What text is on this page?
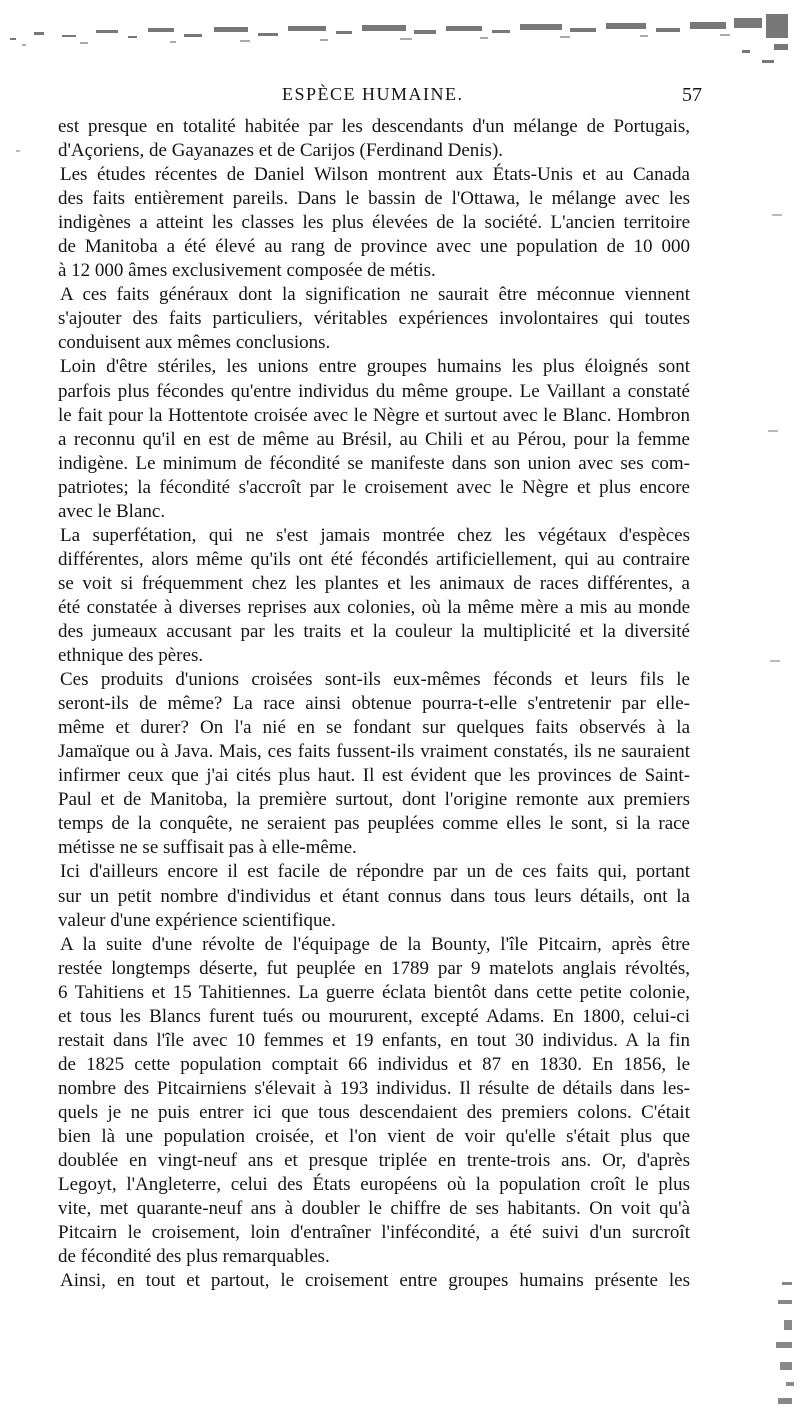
ESPÈCE HUMAINE.	57
est presque en totalité habitée par les descendants d'un mélange de Portugais,
d'Açoriens, de Gayanazes et de Carijos (Ferdinand Denis).
Les études récentes de Daniel Wilson montrent aux États-Unis et au Canada
des faits entièrement pareils. Dans le bassin de l'Ottawa, le mélange avec les
indigènes a atteint les classes les plus élevées de la société. L'ancien territoire
de Manitoba a été élevé au rang de province avec une population de 10 000
à 12 000 âmes exclusivement composée de métis.
A ces faits généraux dont la signification ne saurait être méconnue viennent
s'ajouter des faits particuliers, véritables expériences involontaires qui toutes
conduisent aux mêmes conclusions.
Loin d'être stériles, les unions entre groupes humains les plus éloignés sont
parfois plus fécondes qu'entre individus du même groupe. Le Vaillant a constaté
le fait pour la Hottentote croisée avec le Nègre et surtout avec le Blanc. Hombron
a reconnu qu'il en est de même au Brésil, au Chili et au Pérou, pour la femme
indigène. Le minimum de fécondité se manifeste dans son union avec ses com-
patriotes; la fécondité s'accroît par le croisement avec le Nègre et plus encore
avec le Blanc.
La superfétation, qui ne s'est jamais montrée chez les végétaux d'espèces
différentes, alors même qu'ils ont été fécondés artificiellement, qui au contraire
se voit si fréquemment chez les plantes et les animaux de races différentes, a
été constatée à diverses reprises aux colonies, où la même mère a mis au monde
des jumeaux accusant par les traits et la couleur la multiplicité et la diversité
ethnique des pères.
Ces produits d'unions croisées sont-ils eux-mêmes féconds et leurs fils le
seront-ils de même? La race ainsi obtenue pourra-t-elle s'entretenir par elle-
même et durer? On l'a nié en se fondant sur quelques faits observés à la
Jamaïque ou à Java. Mais, ces faits fussent-ils vraiment constatés, ils ne sauraient
infirmer ceux que j'ai cités plus haut. Il est évident que les provinces de Saint-
Paul et de Manitoba, la première surtout, dont l'origine remonte aux premiers
temps de la conquête, ne seraient pas peuplées comme elles le sont, si la race
métisse ne se suffisait pas à elle-même.
Ici d'ailleurs encore il est facile de répondre par un de ces faits qui, portant
sur un petit nombre d'individus et étant connus dans tous leurs détails, ont la
valeur d'une expérience scientifique.
A la suite d'une révolte de l'équipage de la Bounty, l'île Pitcairn, après être
restée longtemps déserte, fut peuplée en 1789 par 9 matelots anglais révoltés,
6 Tahitiens et 15 Tahitiennes. La guerre éclata bientôt dans cette petite colonie,
et tous les Blancs furent tués ou moururent, excepté Adams. En 1800, celui-ci
restait dans l'île avec 10 femmes et 19 enfants, en tout 30 individus. A la fin
de 1825 cette population comptait 66 individus et 87 en 1830. En 1856, le
nombre des Pitcairniens s'élevait à 193 individus. Il résulte de détails dans les-
quels je ne puis entrer ici que tous descendaient des premiers colons. C'était
bien là une population croisée, et l'on vient de voir qu'elle s'était plus que
doublée en vingt-neuf ans et presque triplée en trente-trois ans. Or, d'après
Legoyt, l'Angleterre, celui des États européens où la population croît le plus
vite, met quarante-neuf ans à doubler le chiffre de ses habitants. On voit qu'à
Pitcairn le croisement, loin d'entraîner l'infécondité, a été suivi d'un surcroît
de fécondité des plus remarquables.
Ainsi, en tout et partout, le croisement entre groupes humains présente les
